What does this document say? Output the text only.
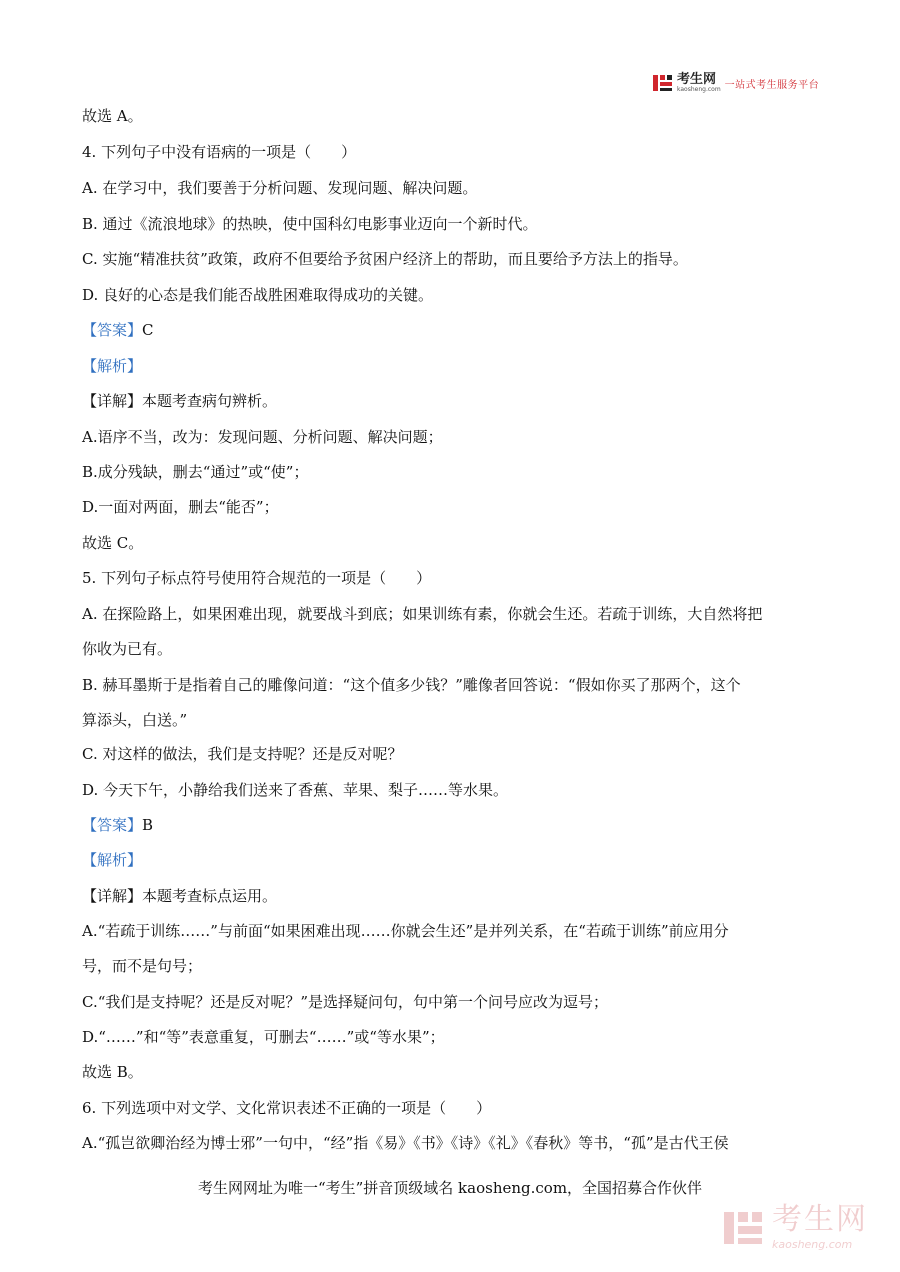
考生网
kaosheng.com 一站式考生服务平台
故选 A。
4. 下列句子中没有语病的一项是（　　）
A. 在学习中，我们要善于分析问题、发现问题、解决问题。
B. 通过《流浪地球》的热映，使中国科幻电影事业迈向一个新时代。
C. 实施“精准扶贫”政策，政府不但要给予贫困户经济上的帮助，而且要给予方法上的指导。
D. 良好的心态是我们能否战胜困难取得成功的关键。
【答案】C
【解析】
【详解】本题考查病句辨析。
A.语序不当，改为：发现问题、分析问题、解决问题；
B.成分残缺，删去“通过”或“使”；
D.一面对两面，删去“能否”；
故选 C。
5. 下列句子标点符号使用符合规范的一项是（　　）
A. 在探险路上，如果困难出现，就要战斗到底；如果训练有素，你就会生还。若疏于训练，大自然将把
你收为已有。
B. 赫耳墨斯于是指着自己的雕像问道：“这个值多少钱？”雕像者回答说：“假如你买了那两个，这个
算添头，白送。”
C. 对这样的做法，我们是支持呢？还是反对呢？
D. 今天下午，小静给我们送来了香蕉、苹果、梨子……等水果。
【答案】B
【解析】
【详解】本题考查标点运用。
A.“若疏于训练……”与前面“如果困难出现……你就会生还”是并列关系，在“若疏于训练”前应用分
号，而不是句号；
C.“我们是支持呢？还是反对呢？”是选择疑问句，句中第一个问号应改为逗号；
D.“……”和“等”表意重复，可删去“……”或“等水果”；
故选 B。
6. 下列选项中对文学、文化常识表述不正确的一项是（　　）
A.“孤岂欲卿治经为博士邪”一句中，“经”指《易》《书》《诗》《礼》《春秋》等书，“孤”是古代王侯
考生网网址为唯一“考生”拼音顶级域名 kaosheng.com，全国招募合作伙伴
考生网
kaosheng.com
